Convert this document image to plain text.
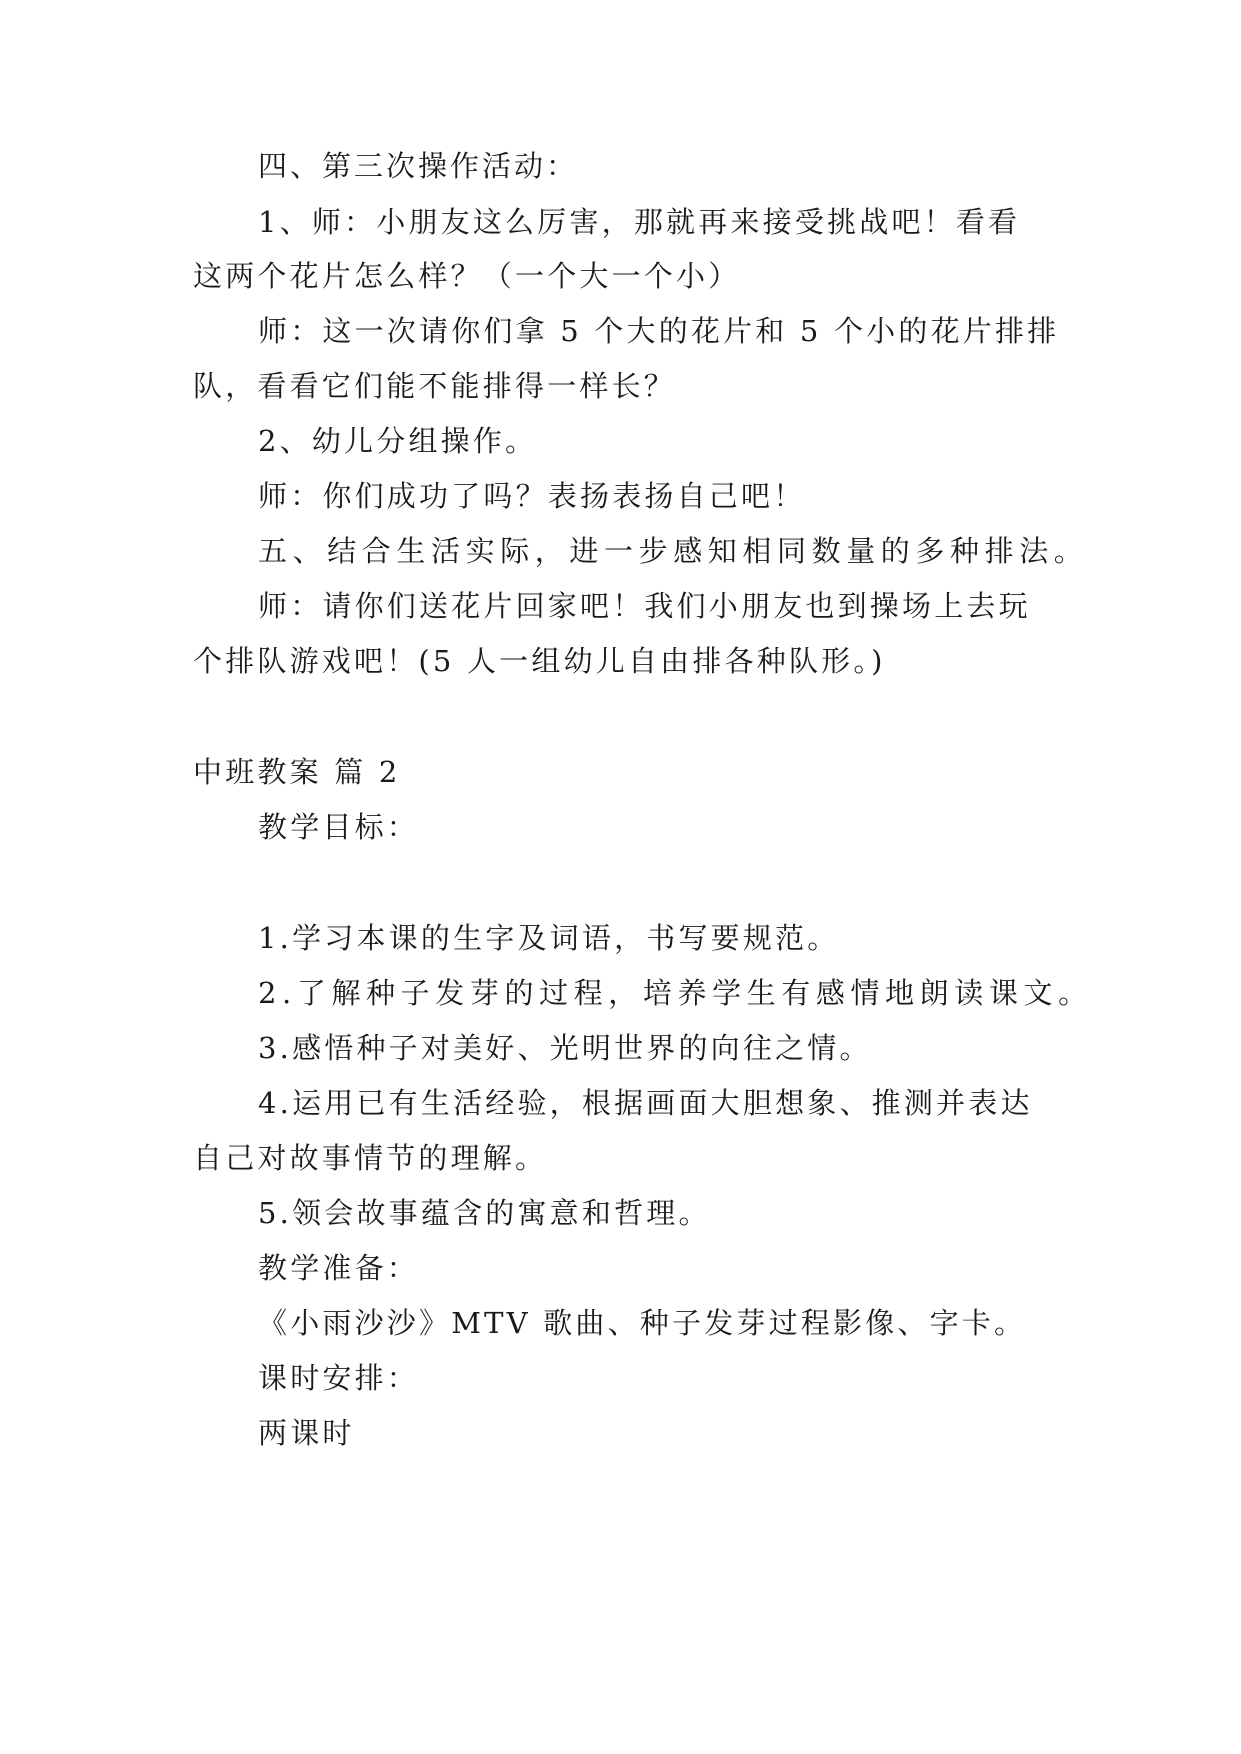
四、第三次操作活动：
1、师：小朋友这么厉害，那就再来接受挑战吧！看看
这两个花片怎么样？（一个大一个小）
师：这一次请你们拿 5 个大的花片和 5 个小的花片排排
队，看看它们能不能排得一样长？
2、幼儿分组操作。
师：你们成功了吗？表扬表扬自己吧！
五、结合生活实际，进一步感知相同数量的多种排法。
师：请你们送花片回家吧！我们小朋友也到操场上去玩
个排队游戏吧！(5 人一组幼儿自由排各种队形。)
中班教案 篇 2
教学目标：
1.学习本课的生字及词语，书写要规范。
2.了解种子发芽的过程，培养学生有感情地朗读课文。
3.感悟种子对美好、光明世界的向往之情。
4.运用已有生活经验，根据画面大胆想象、推测并表达
自己对故事情节的理解。
5.领会故事蕴含的寓意和哲理。
教学准备：
《小雨沙沙》MTV 歌曲、种子发芽过程影像、字卡。
课时安排：
两课时
